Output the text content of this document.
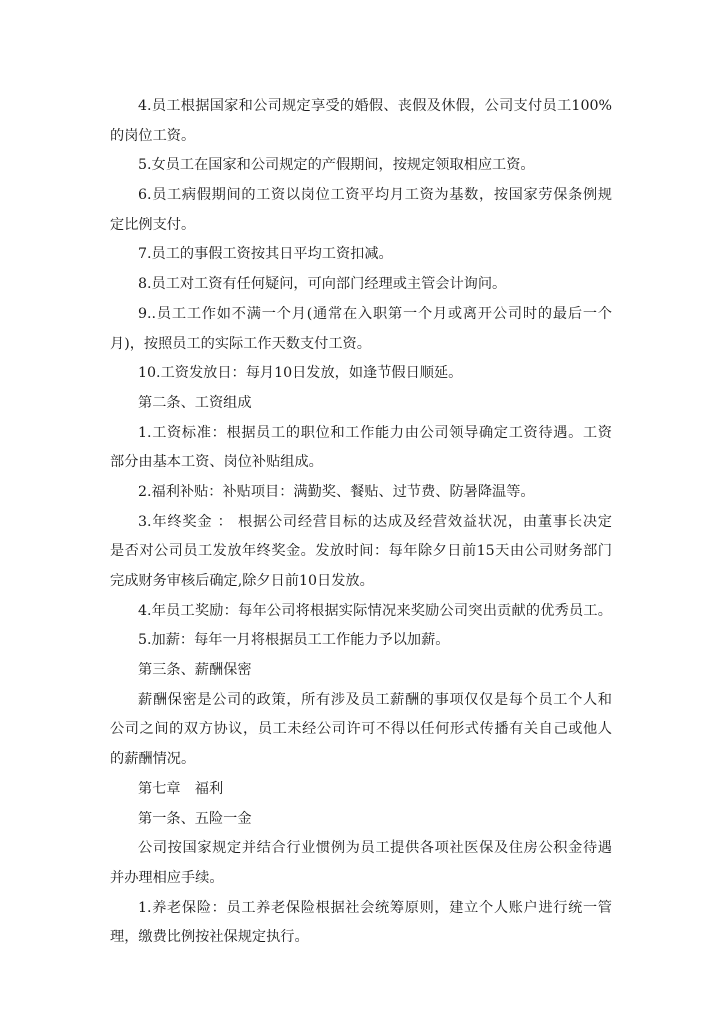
4.员工根据国家和公司规定享受的婚假、丧假及休假，公司支付员工100%
的岗位工资。
5.女员工在国家和公司规定的产假期间，按规定领取相应工资。
6.员工病假期间的工资以岗位工资平均月工资为基数，按国家劳保条例规
定比例支付。
7.员工的事假工资按其日平均工资扣减。
8.员工对工资有任何疑问，可向部门经理或主管会计询问。
9..员工工作如不满一个月(通常在入职第一个月或离开公司时的最后一个
月)，按照员工的实际工作天数支付工资。
10.工资发放日：每月10日发放，如逢节假日顺延。
第二条、工资组成
1.工资标准：根据员工的职位和工作能力由公司领导确定工资待遇。工资
部分由基本工资、岗位补贴组成。
2.福利补贴：补贴项目：满勤奖、餐贴、过节费、防暑降温等。
3.年终奖金 ： 根据公司经营目标的达成及经营效益状况，由董事长决定
是否对公司员工发放年终奖金。发放时间：每年除夕日前15天由公司财务部门
完成财务审核后确定,除夕日前10日发放。
4.年员工奖励：每年公司将根据实际情况来奖励公司突出贡献的优秀员工。
5.加薪：每年一月将根据员工工作能力予以加薪。
第三条、薪酬保密
薪酬保密是公司的政策，所有涉及员工薪酬的事项仅仅是每个员工个人和
公司之间的双方协议，员工未经公司许可不得以任何形式传播有关自己或他人
的薪酬情况。
第七章　福利
第一条、五险一金
公司按国家规定并结合行业惯例为员工提供各项社医保及住房公积金待遇
并办理相应手续。
1.养老保险：员工养老保险根据社会统筹原则，建立个人账户进行统一管
理，缴费比例按社保规定执行。
